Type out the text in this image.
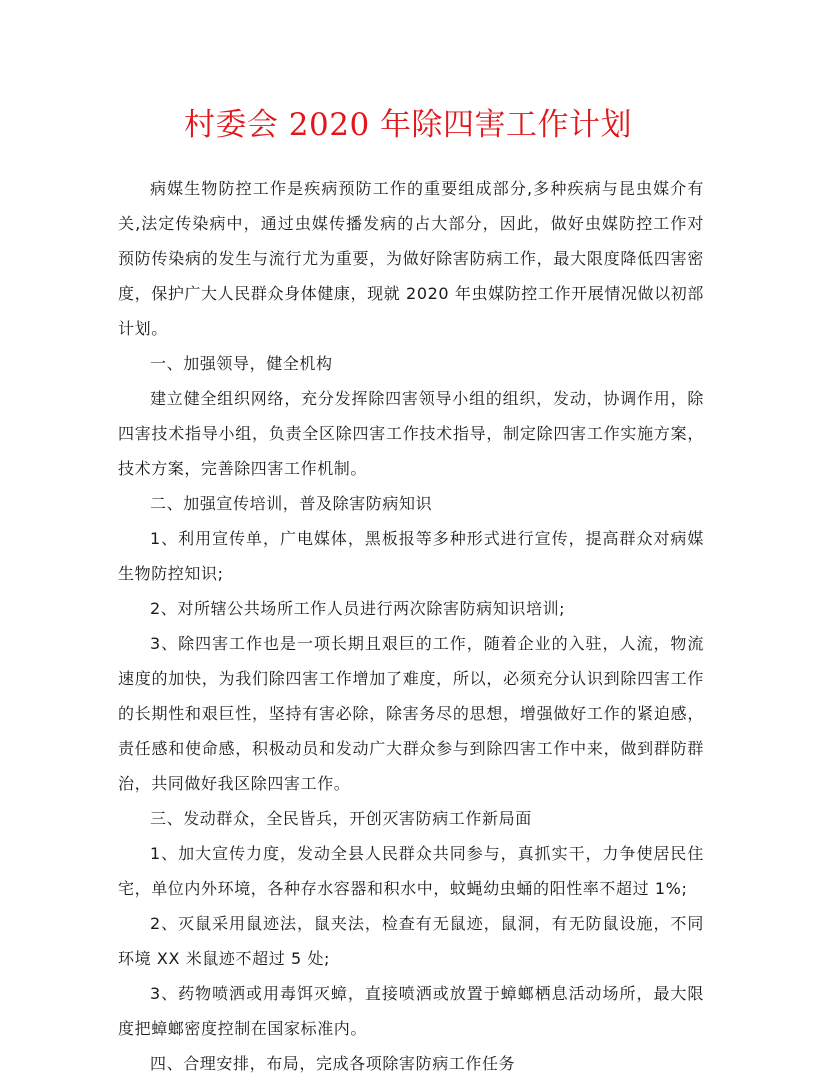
村委会 2020 年除四害工作计划

病媒生物防控工作是疾病预防工作的重要组成部分,多种疾病与昆虫媒介有关,法定传染病中，通过虫媒传播发病的占大部分，因此，做好虫媒防控工作对预防传染病的发生与流行尤为重要，为做好除害防病工作，最大限度降低四害密度，保护广大人民群众身体健康，现就 2020 年虫媒防控工作开展情况做以初部计划。

一、加强领导，健全机构

建立健全组织网络，充分发挥除四害领导小组的组织，发动，协调作用，除四害技术指导小组，负责全区除四害工作技术指导，制定除四害工作实施方案，技术方案，完善除四害工作机制。

二、加强宣传培训，普及除害防病知识

1、利用宣传单，广电媒体，黑板报等多种形式进行宣传，提高群众对病媒生物防控知识;

2、对所辖公共场所工作人员进行两次除害防病知识培训;

3、除四害工作也是一项长期且艰巨的工作，随着企业的入驻，人流，物流速度的加快，为我们除四害工作增加了难度，所以，必须充分认识到除四害工作的长期性和艰巨性，坚持有害必除，除害务尽的思想，增强做好工作的紧迫感，责任感和使命感，积极动员和发动广大群众参与到除四害工作中来，做到群防群治，共同做好我区除四害工作。

三、发动群众，全民皆兵，开创灭害防病工作新局面

1、加大宣传力度，发动全县人民群众共同参与，真抓实干，力争使居民住宅，单位内外环境，各种存水容器和积水中，蚊蝇幼虫蛹的阳性率不超过 1%;

2、灭鼠采用鼠迹法，鼠夹法，检查有无鼠迹，鼠洞，有无防鼠设施，不同环境 XX 米鼠迹不超过 5 处;

3、药物喷洒或用毒饵灭蟑，直接喷洒或放置于蟑螂栖息活动场所，最大限度把蟑螂密度控制在国家标准内。

四、合理安排，布局，完成各项除害防病工作任务
